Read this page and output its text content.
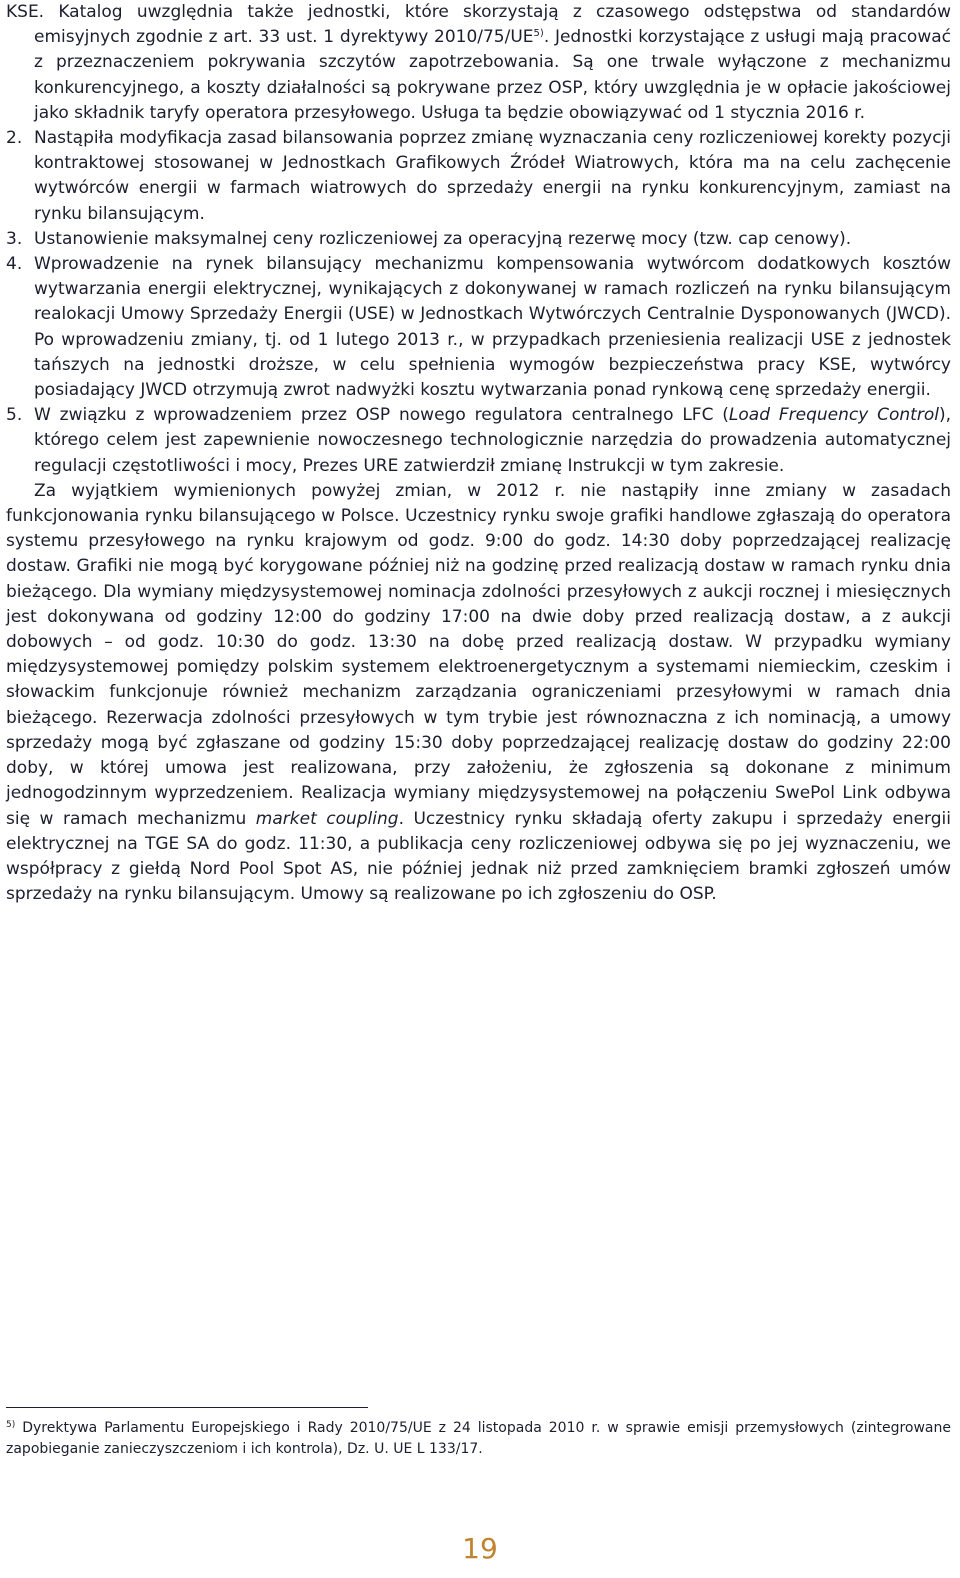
KSE. Katalog uwzględnia także jednostki, które skorzystają z czasowego odstępstwa od standardów emisyjnych zgodnie z art. 33 ust. 1 dyrektywy 2010/75/UE$^{5)}$. Jednostki korzystające z usługi mają pracować z przeznaczeniem pokrywania szczytów zapotrzebowania. Są one trwale wyłączone z mechanizmu konkurencyjnego, a koszty działalności są pokrywane przez OSP, który uwzględnia je w opłacie jakościowej jako składnik taryfy operatora przesyłowego. Usługa ta będzie obowiązywać od 1 stycznia 2016 r.

2. Nastąpiła modyfikacja zasad bilansowania poprzez zmianę wyznaczania ceny rozliczeniowej korekty pozycji kontraktowej stosowanej w Jednostkach Grafikowych Źródeł Wiatrowych, która ma na celu zachęcenie wytwórców energii w farmach wiatrowych do sprzedaży energii na rynku konkurencyjnym, zamiast na rynku bilansującym.

3. Ustanowienie maksymalnej ceny rozliczeniowej za operacyjną rezerwę mocy (tzw. cap cenowy).

4. Wprowadzenie na rynek bilansujący mechanizmu kompensowania wytwórcom dodatkowych kosztów wytwarzania energii elektrycznej, wynikających z dokonywanej w ramach rozliczeń na rynku bilansującym realokacji Umowy Sprzedaży Energii (USE) w Jednostkach Wytwórczych Centralnie Dysponowanych (JWCD). Po wprowadzeniu zmiany, tj. od 1 lutego 2013 r., w przypadkach przeniesienia realizacji USE z jednostek tańszych na jednostki droższe, w celu spełnienia wymogów bezpieczeństwa pracy KSE, wytwórcy posiadający JWCD otrzymują zwrot nadwyżki kosztu wytwarzania ponad rynkową cenę sprzedaży energii.

5. W związku z wprowadzeniem przez OSP nowego regulatora centralnego LFC (Load Frequency Control), którego celem jest zapewnienie nowoczesnego technologicznie narzędzia do prowadzenia automatycznej regulacji częstotliwości i mocy, Prezes URE zatwierdził zmianę Instrukcji w tym zakresie.

Za wyjątkiem wymienionych powyżej zmian, w 2012 r. nie nastąpiły inne zmiany w zasadach funkcjonowania rynku bilansującego w Polsce. Uczestnicy rynku swoje grafiki handlowe zgłaszają do operatora systemu przesyłowego na rynku krajowym od godz. 9:00 do godz. 14:30 doby poprzedzającej realizację dostaw. Grafiki nie mogą być korygowane później niż na godzinę przed realizacją dostaw w ramach rynku dnia bieżącego. Dla wymiany międzysystemowej nominacja zdolności przesyłowych z aukcji rocznej i miesięcznych jest dokonywana od godziny 12:00 do godziny 17:00 na dwie doby przed realizacją dostaw, a z aukcji dobowych – od godz. 10:30 do godz. 13:30 na dobę przed realizacją dostaw. W przypadku wymiany międzysystemowej pomiędzy polskim systemem elektroenergetycznym a systemami niemieckim, czeskim i słowackim funkcjonuje również mechanizm zarządzania ograniczeniami przesyłowymi w ramach dnia bieżącego. Rezerwacja zdolności przesyłowych w tym trybie jest równoznaczna z ich nominacją, a umowy sprzedaży mogą być zgłaszane od godziny 15:30 doby poprzedzającej realizację dostaw do godziny 22:00 doby, w której umowa jest realizowana, przy założeniu, że zgłoszenia są dokonane z minimum jednogodzinnym wyprzedzeniem. Realizacja wymiany międzysystemowej na połączeniu SwePol Link odbywa się w ramach mechanizmu market coupling. Uczestnicy rynku składają oferty zakupu i sprzedaży energii elektrycznej na TGE SA do godz. 11:30, a publikacja ceny rozliczeniowej odbywa się po jej wyznaczeniu, we współpracy z giełdą Nord Pool Spot AS, nie później jednak niż przed zamknięciem bramki zgłoszeń umów sprzedaży na rynku bilansującym. Umowy są realizowane po ich zgłoszeniu do OSP.

$^{5)}$ Dyrektywa Parlamentu Europejskiego i Rady 2010/75/UE z 24 listopada 2010 r. w sprawie emisji przemysłowych (zintegrowane zapobieganie zanieczyszczeniom i ich kontrola), Dz. U. UE L 133/17.
19
